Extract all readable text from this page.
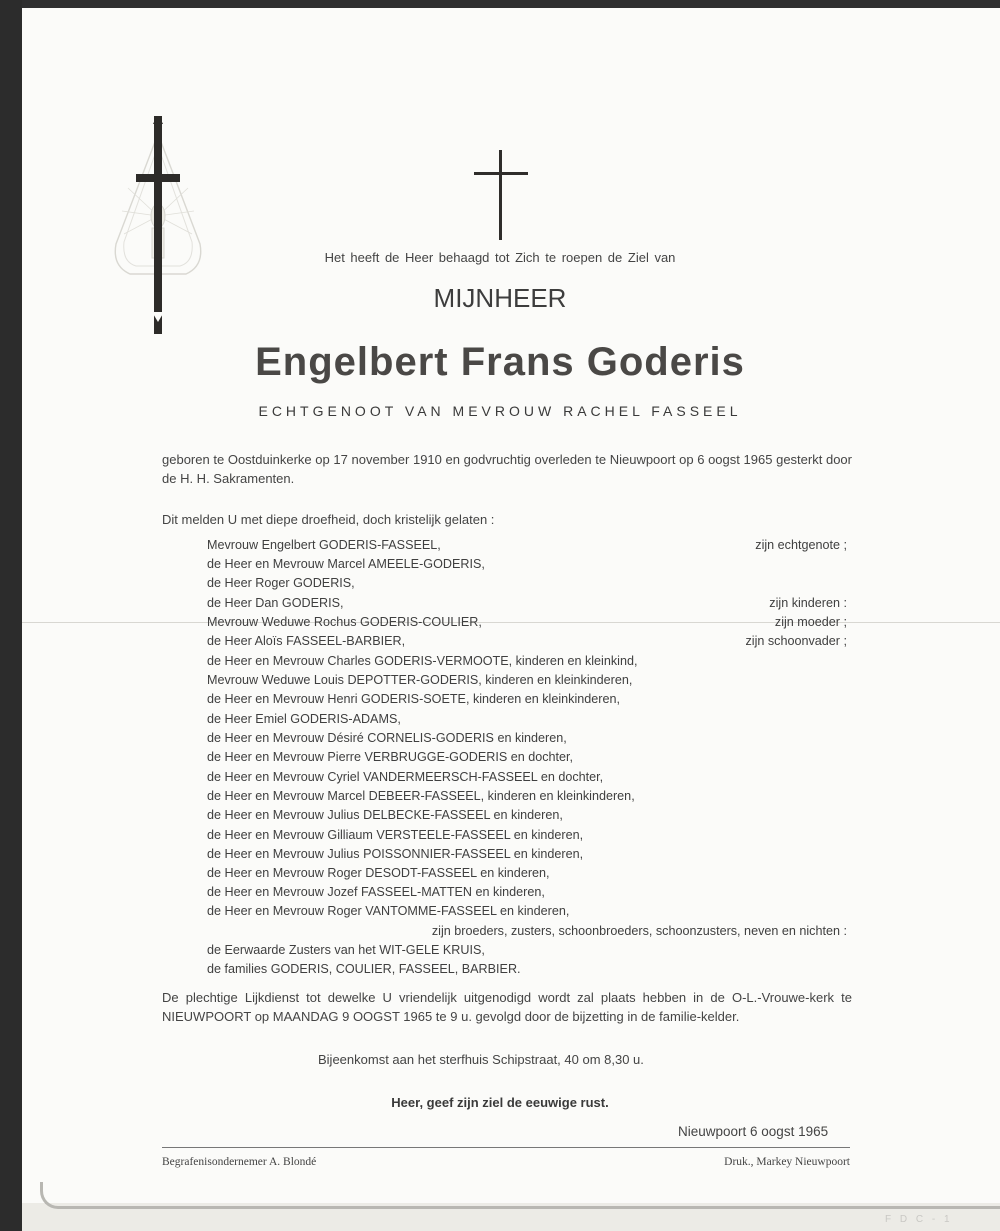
F D C - 1
Het heeft de Heer behaagd tot Zich te roepen de Ziel van
MIJNHEER
Engelbert Frans Goderis
ECHTGENOOT VAN MEVROUW RACHEL FASSEEL
geboren te Oostduinkerke op 17 november 1910 en godvruchtig overleden te Nieuwpoort op 6 oogst 1965 gesterkt door de H. H. Sakramenten.
Dit melden U met diepe droefheid, doch kristelijk gelaten :
Mevrouw Engelbert GODERIS-FASSEEL,	zijn echtgenote ;
de Heer en Mevrouw Marcel AMEELE-GODERIS,
de Heer Roger GODERIS,
de Heer Dan GODERIS,	zijn kinderen :
Mevrouw Weduwe Rochus GODERIS-COULIER,	zijn moeder ;
de Heer Aloïs FASSEEL-BARBIER,	zijn schoonvader ;
de Heer en Mevrouw Charles GODERIS-VERMOOTE, kinderen en kleinkind,
Mevrouw Weduwe Louis DEPOTTER-GODERIS, kinderen en kleinkinderen,
de Heer en Mevrouw Henri GODERIS-SOETE, kinderen en kleinkinderen,
de Heer Emiel GODERIS-ADAMS,
de Heer en Mevrouw Désiré CORNELIS-GODERIS en kinderen,
de Heer en Mevrouw Pierre VERBRUGGE-GODERIS en dochter,
de Heer en Mevrouw Cyriel VANDERMEERSCH-FASSEEL en dochter,
de Heer en Mevrouw Marcel DEBEER-FASSEEL, kinderen en kleinkinderen,
de Heer en Mevrouw Julius DELBECKE-FASSEEL en kinderen,
de Heer en Mevrouw Gilliaum VERSTEELE-FASSEEL en kinderen,
de Heer en Mevrouw Julius POISSONNIER-FASSEEL en kinderen,
de Heer en Mevrouw Roger DESODT-FASSEEL en kinderen,
de Heer en Mevrouw Jozef FASSEEL-MATTEN en kinderen,
de Heer en Mevrouw Roger VANTOMME-FASSEEL en kinderen,
zijn broeders, zusters, schoonbroeders, schoonzusters, neven en nichten :
de Eerwaarde Zusters van het WIT-GELE KRUIS,
de families GODERIS, COULIER, FASSEEL, BARBIER.
De plechtige Lijkdienst tot dewelke U vriendelijk uitgenodigd wordt zal plaats hebben in de O-L.-Vrouwe-kerk te NIEUWPOORT op MAANDAG 9 OOGST 1965 te 9 u. gevolgd door de bijzetting in de familie-kelder.
Bijeenkomst aan het sterfhuis Schipstraat, 40 om 8,30 u.
Heer, geef zijn ziel de eeuwige rust.
Nieuwpoort 6 oogst 1965
Begrafenisondernemer A. Blondé	Druk., Markey Nieuwpoort
